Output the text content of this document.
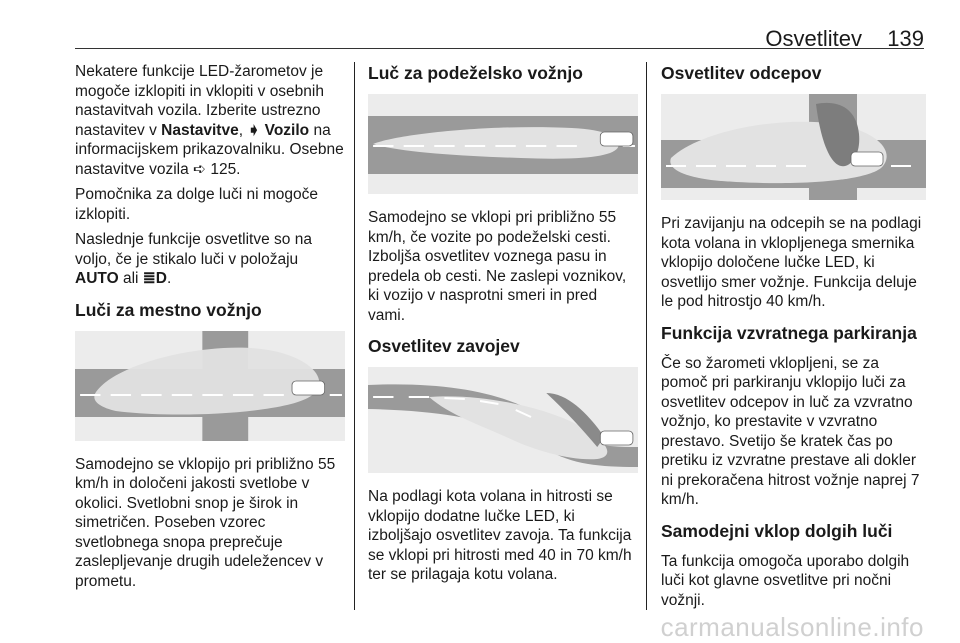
Osvetlitev 139

Nekatere funkcije LED-žarometov je mogoče izklopiti in vklopiti v osebnih nastavitvah vozila. Izberite ustrezno nastavitev v Nastavitve, ➧ Vozilo na informacijskem prikazovalniku. Osebne nastavitve vozila ➪ 125.

Pomočnika za dolge luči ni mogoče izklopiti.

Naslednje funkcije osvetlitve so na voljo, če je stikalo luči v položaju AUTO ali ≣D.

Luči za mestno vožnjo

Samodejno se vklopijo pri približno 55 km/h in določeni jakosti svetlobe v okolici. Svetlobni snop je širok in simetričen. Poseben vzorec svetlobnega snopa preprečuje zaslepljevanje drugih udeležencev v prometu.

Luč za podeželsko vožnjo

Samodejno se vklopi pri približno 55 km/h, če vozite po podeželski cesti. Izboljša osvetlitev voznega pasu in predela ob cesti. Ne zaslepi voznikov, ki vozijo v nasprotni smeri in pred vami.

Osvetlitev zavojev

Na podlagi kota volana in hitrosti se vklopijo dodatne lučke LED, ki izboljšajo osvetlitev zavoja. Ta funkcija se vklopi pri hitrosti med 40 in 70 km/h ter se prilagaja kotu volana.

Osvetlitev odcepov

Pri zavijanju na odcepih se na podlagi kota volana in vklopljenega smernika vklopijo določene lučke LED, ki osvetlijo smer vožnje. Funkcija deluje le pod hitrostjo 40 km/h.

Funkcija vzvratnega parkiranja

Če so žarometi vklopljeni, se za pomoč pri parkiranju vklopijo luči za osvetlitev odcepov in luč za vzvratno vožnjo, ko prestavite v vzvratno prestavo. Svetijo še kratek čas po pretiku iz vzvratne prestave ali dokler ni prekoračena hitrost vožnje naprej 7 km/h.

Samodejni vklop dolgih luči

Ta funkcija omogoča uporabo dolgih luči kot glavne osvetlitve pri nočni vožnji.

carmanualsonline.info
